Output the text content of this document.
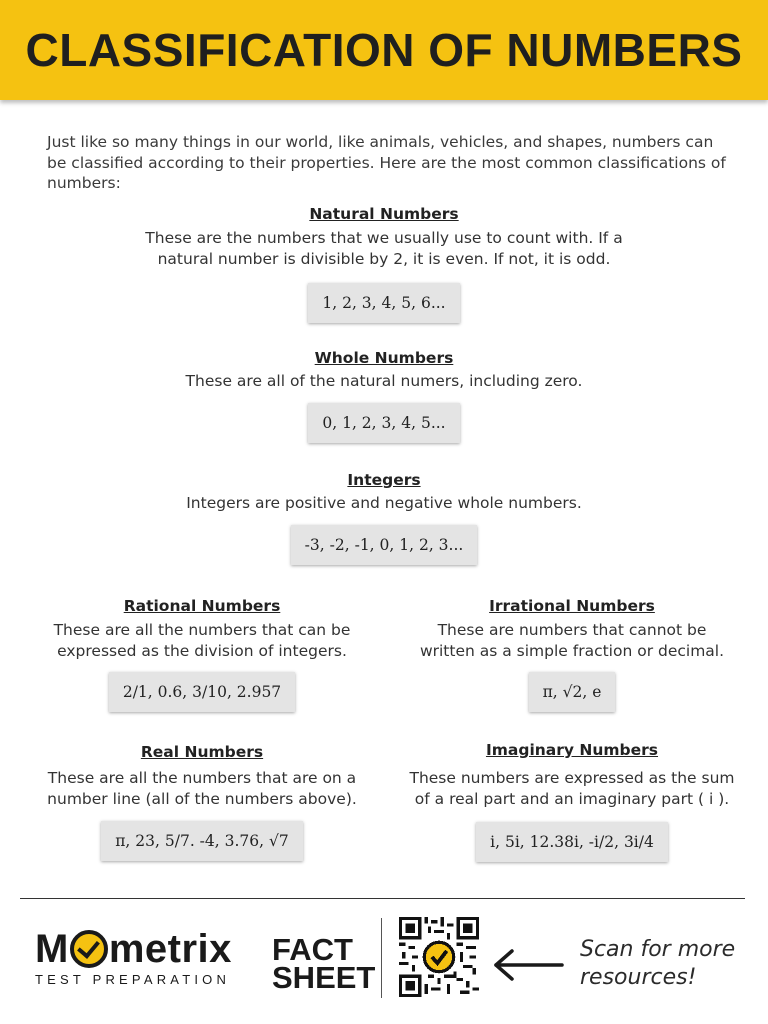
CLASSIFICATION OF NUMBERS
Just like so many things in our world, like animals, vehicles, and shapes, numbers can be classified according to their properties. Here are the most common classifications of numbers:

Natural Numbers

These are the numbers that we usually use to count with. If a
natural number is divisible by 2, it is even. If not, it is odd.

1, 2, 3, 4, 5, 6...

Whole Numbers

These are all of the natural numers, including zero.

0, 1, 2, 3, 4, 5...

Integers

Integers are positive and negative whole numbers.

-3, -2, -1, 0, 1, 2, 3...

Rational Numbers

These are all the numbers that can be
expressed as the division of integers.

2/1, 0.6, 3/10, 2.957

Irrational Numbers

These are numbers that cannot be
written as a simple fraction or decimal.

π, √2, e

Real Numbers

These are all the numbers that are on a
number line (all of the numbers above).

π, 23, 5/7. -4, 3.76, √7

Imaginary Numbers

These numbers are expressed as the sum
of a real part and an imaginary part ( i ).

i, 5i, 12.38i, -i/2, 3i/4
M metrix
TEST PREPARATION
FACT
SHEET
Scan for more
resources!
